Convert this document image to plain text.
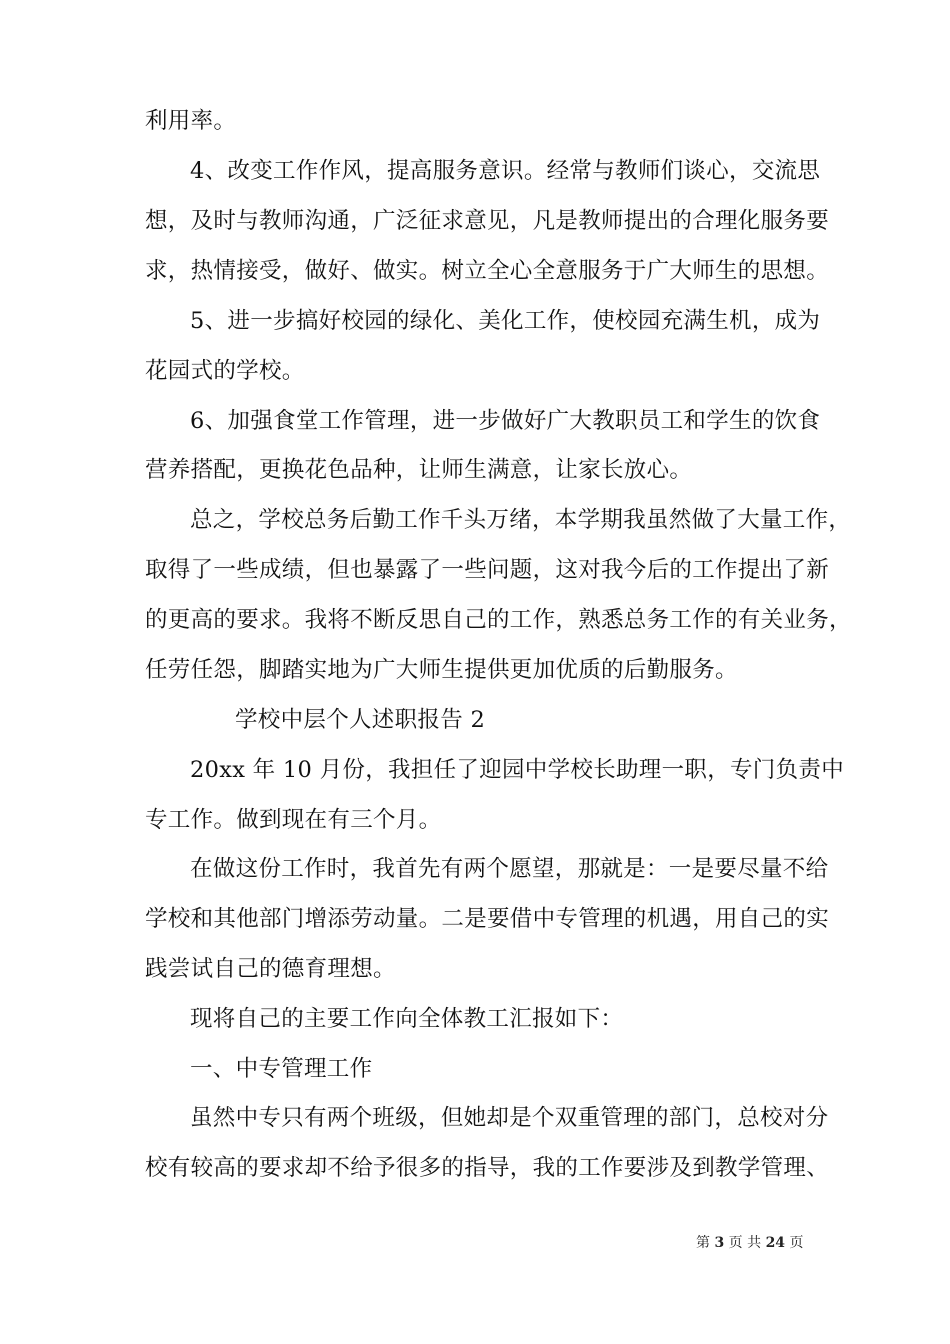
利用率。
4、改变工作作风，提高服务意识。经常与教师们谈心，交流思
想，及时与教师沟通，广泛征求意见，凡是教师提出的合理化服务要
求，热情接受，做好、做实。树立全心全意服务于广大师生的思想。
5、进一步搞好校园的绿化、美化工作，使校园充满生机，成为
花园式的学校。
6、加强食堂工作管理，进一步做好广大教职员工和学生的饮食
营养搭配，更换花色品种，让师生满意，让家长放心。
总之，学校总务后勤工作千头万绪，本学期我虽然做了大量工作，
取得了一些成绩，但也暴露了一些问题，这对我今后的工作提出了新
的更高的要求。我将不断反思自己的工作，熟悉总务工作的有关业务，
任劳任怨，脚踏实地为广大师生提供更加优质的后勤服务。
学校中层个人述职报告 2
20xx 年 10 月份，我担任了迎园中学校长助理一职，专门负责中
专工作。做到现在有三个月。
在做这份工作时，我首先有两个愿望，那就是：一是要尽量不给
学校和其他部门增添劳动量。二是要借中专管理的机遇，用自己的实
践尝试自己的德育理想。
现将自己的主要工作向全体教工汇报如下：
一、中专管理工作
虽然中专只有两个班级，但她却是个双重管理的部门，总校对分
校有较高的要求却不给予很多的指导，我的工作要涉及到教学管理、
第 3 页 共 24 页
